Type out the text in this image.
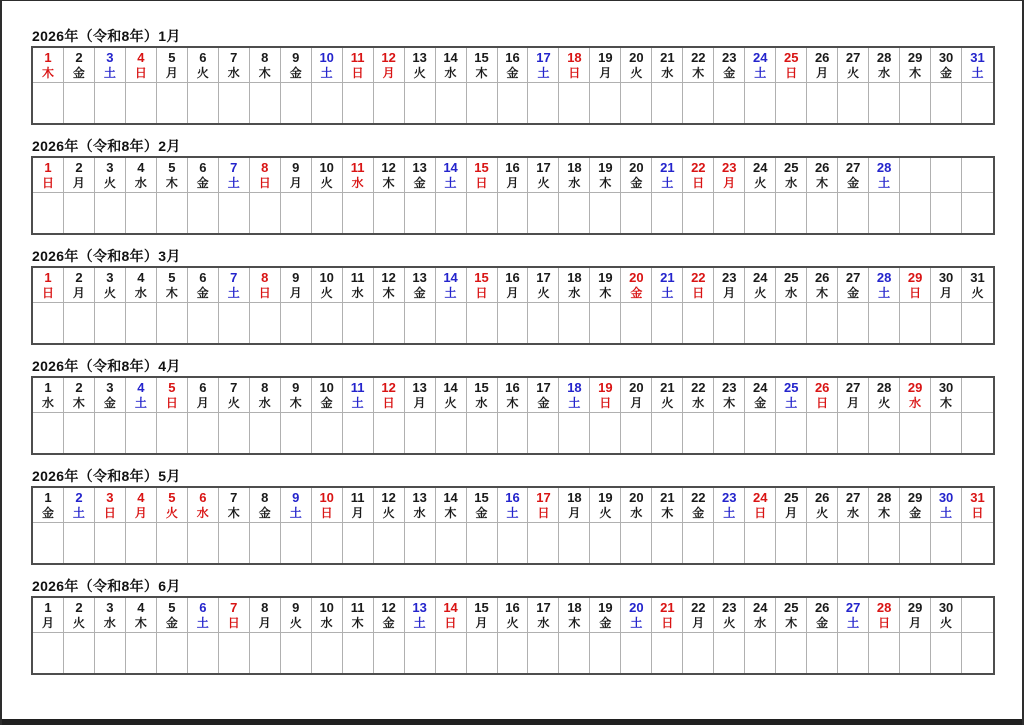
2026年（令和8年）1月
1
木
2
金
3
土
4
日
5
月
6
火
7
水
8
木
9
金
10
土
11
日
12
月
13
火
14
水
15
木
16
金
17
土
18
日
19
月
20
火
21
水
22
木
23
金
24
土
25
日
26
月
27
火
28
水
29
木
30
金
31
土
2026年（令和8年）2月
1
日
2
月
3
火
4
水
5
木
6
金
7
土
8
日
9
月
10
火
11
水
12
木
13
金
14
土
15
日
16
月
17
火
18
水
19
木
20
金
21
土
22
日
23
月
24
火
25
水
26
木
27
金
28
土
2026年（令和8年）3月
1
日
2
月
3
火
4
水
5
木
6
金
7
土
8
日
9
月
10
火
11
水
12
木
13
金
14
土
15
日
16
月
17
火
18
水
19
木
20
金
21
土
22
日
23
月
24
火
25
水
26
木
27
金
28
土
29
日
30
月
31
火
2026年（令和8年）4月
1
水
2
木
3
金
4
土
5
日
6
月
7
火
8
水
9
木
10
金
11
土
12
日
13
月
14
火
15
水
16
木
17
金
18
土
19
日
20
月
21
火
22
水
23
木
24
金
25
土
26
日
27
月
28
火
29
水
30
木
2026年（令和8年）5月
1
金
2
土
3
日
4
月
5
火
6
水
7
木
8
金
9
土
10
日
11
月
12
火
13
水
14
木
15
金
16
土
17
日
18
月
19
火
20
水
21
木
22
金
23
土
24
日
25
月
26
火
27
水
28
木
29
金
30
土
31
日
2026年（令和8年）6月
1
月
2
火
3
水
4
木
5
金
6
土
7
日
8
月
9
火
10
水
11
木
12
金
13
土
14
日
15
月
16
火
17
水
18
木
19
金
20
土
21
日
22
月
23
火
24
水
25
木
26
金
27
土
28
日
29
月
30
火
